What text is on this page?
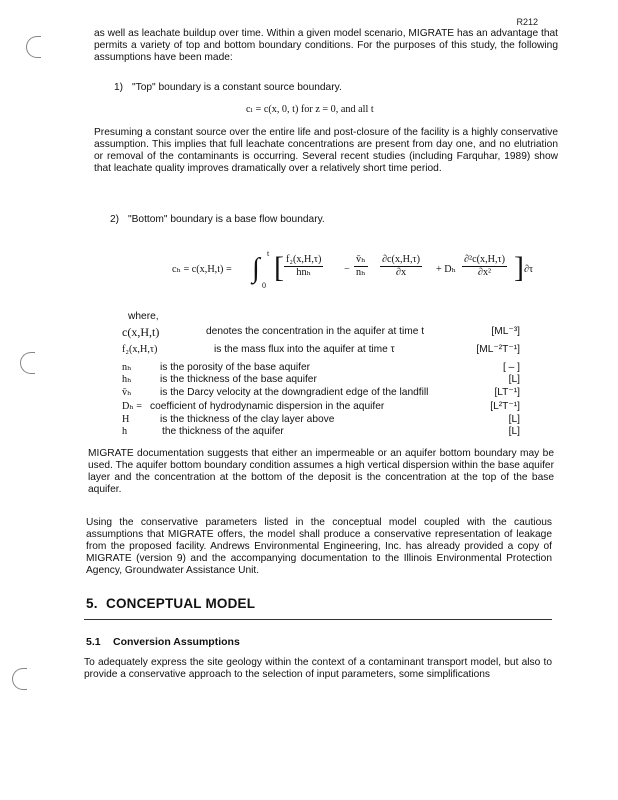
R212
as well as leachate buildup over time. Within a given model scenario, MIGRATE has an advantage that permits a variety of top and bottom boundary conditions. For the purposes of this study, the following assumptions have been made:
1) "Top" boundary is a constant source boundary.
cₗ = c(x, 0, t) for z = 0, and all t
Presuming a constant source over the entire life and post-closure of the facility is a highly conservative assumption. This implies that full leachate concentrations are present from day one, and no elutriation or removal of the contaminants is occurring. Several recent studies (including Farquhar, 1989) show that leachate quality improves dramatically over a relatively short time period.
2) "Bottom" boundary is a base flow boundary.
cₕ = c(x,H,t) = ∫ t
0
[ f₂(x,H,τ)
hnₕ	− $\frac{\text{v̄ₕ}}{\text{nₕ}} \frac{\partial c(x,H,\tau)}{\partial x} + D_h \frac{\text{∂²c(x,H,τ)}}{\text{∂x²}}$ ] ∂τ
where,
c(x,H,t)	denotes the concentration in the aquifer at time t	[ML⁻³]
f₂(x,H,τ)	is the mass flux into the aquifer at time τ	[ML⁻²T⁻¹]
nₕ	is the porosity of the base aquifer	[ – ]
hₕ	is the thickness of the base aquifer	[L]
v̄ₕ	is the Darcy velocity at the downgradient edge of the landfill	[LT⁻¹]
Dₕ = coefficient of hydrodynamic dispersion in the aquifer	[L²T⁻¹]
H	is the thickness of the clay layer above	[L]
h	the thickness of the aquifer	[L]
MIGRATE documentation suggests that either an impermeable or an aquifer bottom boundary may be used. The aquifer bottom boundary condition assumes a high vertical dispersion within the base aquifer layer and the concentration at the bottom of the deposit is the concentration at the top of the base aquifer.
Using the conservative parameters listed in the conceptual model coupled with the cautious assumptions that MIGRATE offers, the model shall produce a conservative representation of leakage from the proposed facility. Andrews Environmental Engineering, Inc. has already provided a copy of MIGRATE (version 9) and the accompanying documentation to the Illinois Environmental Protection Agency, Groundwater Assistance Unit.
5. CONCEPTUAL MODEL
5.1 Conversion Assumptions
To adequately express the site geology within the context of a contaminant transport model, but also to provide a conservative approach to the selection of input parameters, some simplifications
